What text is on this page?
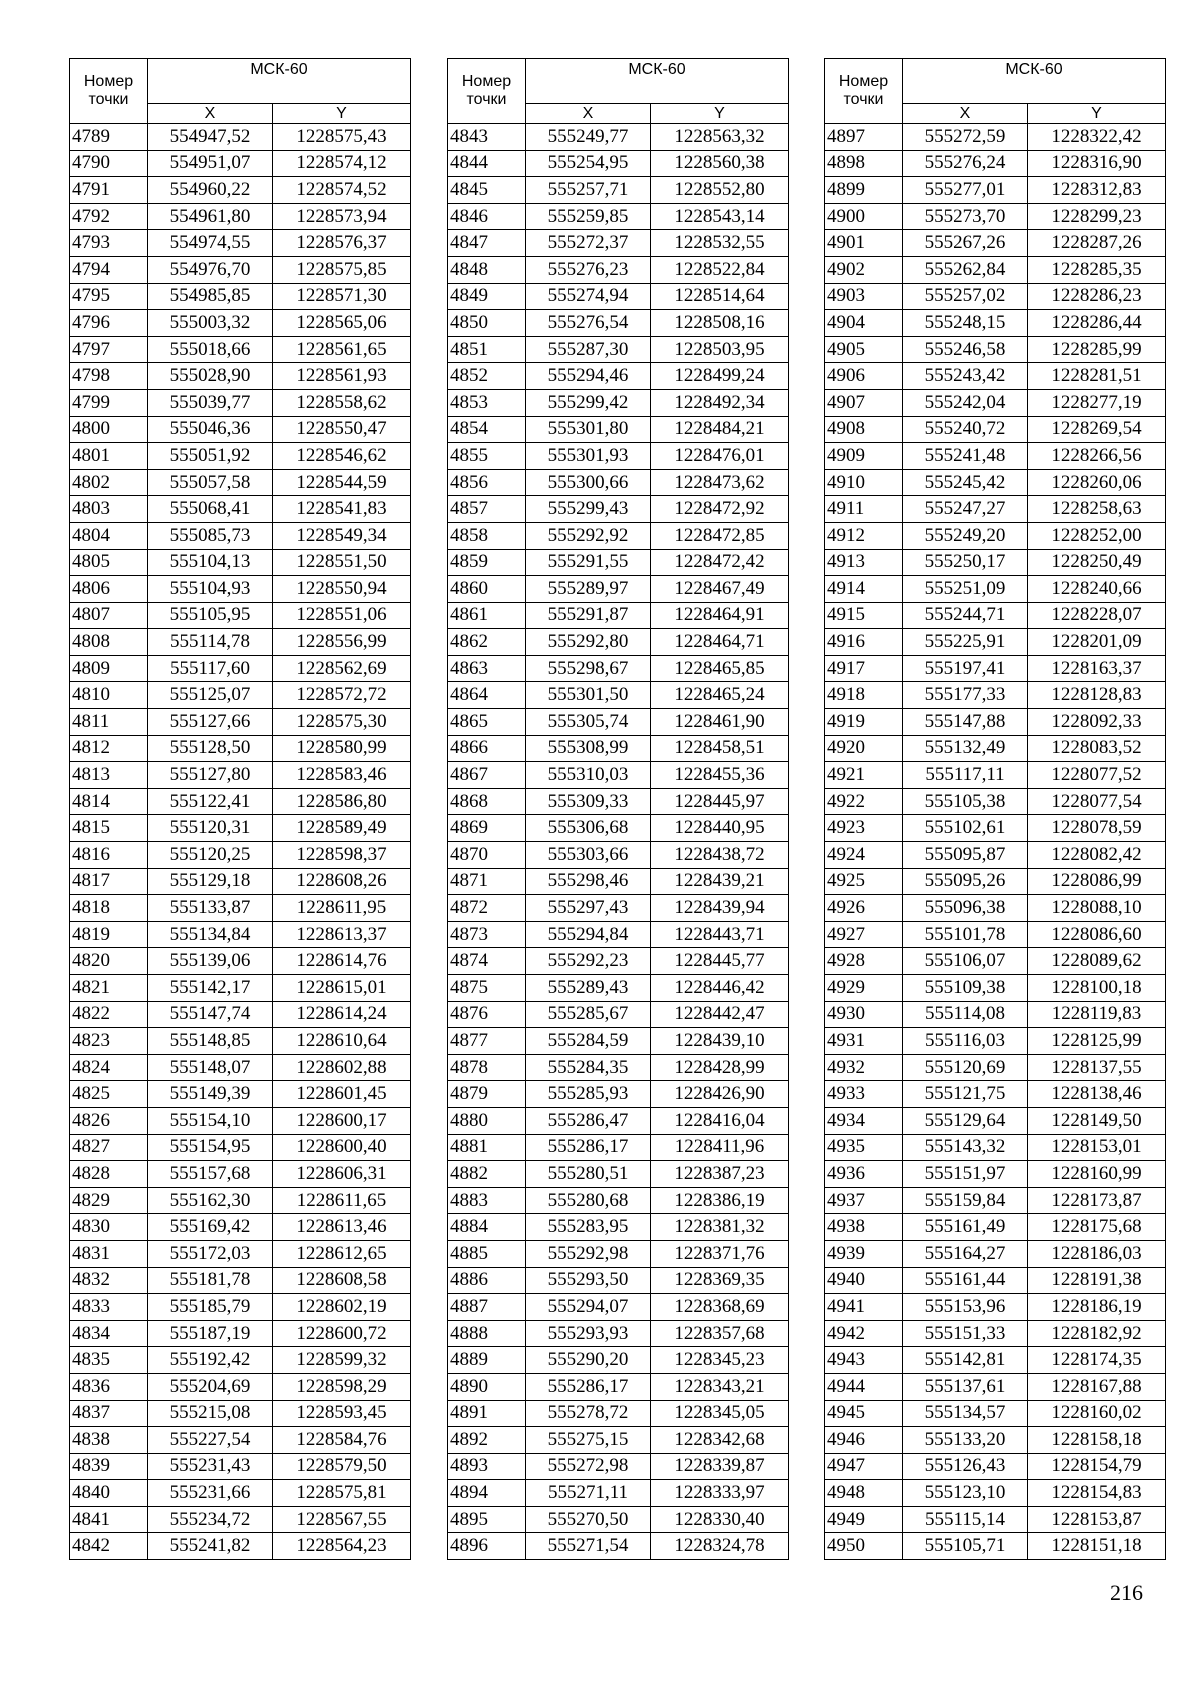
Номер точки	МСК-60	
	X	Y
4789	554947,52	1228575,43
4790	554951,07	1228574,12
4791	554960,22	1228574,52
4792	554961,80	1228573,94
4793	554974,55	1228576,37
4794	554976,70	1228575,85
4795	554985,85	1228571,30
4796	555003,32	1228565,06
4797	555018,66	1228561,65
4798	555028,90	1228561,93
4799	555039,77	1228558,62
4800	555046,36	1228550,47
4801	555051,92	1228546,62
4802	555057,58	1228544,59
4803	555068,41	1228541,83
4804	555085,73	1228549,34
4805	555104,13	1228551,50
4806	555104,93	1228550,94
4807	555105,95	1228551,06
4808	555114,78	1228556,99
4809	555117,60	1228562,69
4810	555125,07	1228572,72
4811	555127,66	1228575,30
4812	555128,50	1228580,99
4813	555127,80	1228583,46
4814	555122,41	1228586,80
4815	555120,31	1228589,49
4816	555120,25	1228598,37
4817	555129,18	1228608,26
4818	555133,87	1228611,95
4819	555134,84	1228613,37
4820	555139,06	1228614,76
4821	555142,17	1228615,01
4822	555147,74	1228614,24
4823	555148,85	1228610,64
4824	555148,07	1228602,88
4825	555149,39	1228601,45
4826	555154,10	1228600,17
4827	555154,95	1228600,40
4828	555157,68	1228606,31
4829	555162,30	1228611,65
4830	555169,42	1228613,46
4831	555172,03	1228612,65
4832	555181,78	1228608,58
4833	555185,79	1228602,19
4834	555187,19	1228600,72
4835	555192,42	1228599,32
4836	555204,69	1228598,29
4837	555215,08	1228593,45
4838	555227,54	1228584,76
4839	555231,43	1228579,50
4840	555231,66	1228575,81
4841	555234,72	1228567,55
4842	555241,82	1228564,23
Номер точки	МСК-60	
	X	Y
4843	555249,77	1228563,32
4844	555254,95	1228560,38
4845	555257,71	1228552,80
4846	555259,85	1228543,14
4847	555272,37	1228532,55
4848	555276,23	1228522,84
4849	555274,94	1228514,64
4850	555276,54	1228508,16
4851	555287,30	1228503,95
4852	555294,46	1228499,24
4853	555299,42	1228492,34
4854	555301,80	1228484,21
4855	555301,93	1228476,01
4856	555300,66	1228473,62
4857	555299,43	1228472,92
4858	555292,92	1228472,85
4859	555291,55	1228472,42
4860	555289,97	1228467,49
4861	555291,87	1228464,91
4862	555292,80	1228464,71
4863	555298,67	1228465,85
4864	555301,50	1228465,24
4865	555305,74	1228461,90
4866	555308,99	1228458,51
4867	555310,03	1228455,36
4868	555309,33	1228445,97
4869	555306,68	1228440,95
4870	555303,66	1228438,72
4871	555298,46	1228439,21
4872	555297,43	1228439,94
4873	555294,84	1228443,71
4874	555292,23	1228445,77
4875	555289,43	1228446,42
4876	555285,67	1228442,47
4877	555284,59	1228439,10
4878	555284,35	1228428,99
4879	555285,93	1228426,90
4880	555286,47	1228416,04
4881	555286,17	1228411,96
4882	555280,51	1228387,23
4883	555280,68	1228386,19
4884	555283,95	1228381,32
4885	555292,98	1228371,76
4886	555293,50	1228369,35
4887	555294,07	1228368,69
4888	555293,93	1228357,68
4889	555290,20	1228345,23
4890	555286,17	1228343,21
4891	555278,72	1228345,05
4892	555275,15	1228342,68
4893	555272,98	1228339,87
4894	555271,11	1228333,97
4895	555270,50	1228330,40
4896	555271,54	1228324,78
Номер точки	МСК-60	
	X	Y
4897	555272,59	1228322,42
4898	555276,24	1228316,90
4899	555277,01	1228312,83
4900	555273,70	1228299,23
4901	555267,26	1228287,26
4902	555262,84	1228285,35
4903	555257,02	1228286,23
4904	555248,15	1228286,44
4905	555246,58	1228285,99
4906	555243,42	1228281,51
4907	555242,04	1228277,19
4908	555240,72	1228269,54
4909	555241,48	1228266,56
4910	555245,42	1228260,06
4911	555247,27	1228258,63
4912	555249,20	1228252,00
4913	555250,17	1228250,49
4914	555251,09	1228240,66
4915	555244,71	1228228,07
4916	555225,91	1228201,09
4917	555197,41	1228163,37
4918	555177,33	1228128,83
4919	555147,88	1228092,33
4920	555132,49	1228083,52
4921	555117,11	1228077,52
4922	555105,38	1228077,54
4923	555102,61	1228078,59
4924	555095,87	1228082,42
4925	555095,26	1228086,99
4926	555096,38	1228088,10
4927	555101,78	1228086,60
4928	555106,07	1228089,62
4929	555109,38	1228100,18
4930	555114,08	1228119,83
4931	555116,03	1228125,99
4932	555120,69	1228137,55
4933	555121,75	1228138,46
4934	555129,64	1228149,50
4935	555143,32	1228153,01
4936	555151,97	1228160,99
4937	555159,84	1228173,87
4938	555161,49	1228175,68
4939	555164,27	1228186,03
4940	555161,44	1228191,38
4941	555153,96	1228186,19
4942	555151,33	1228182,92
4943	555142,81	1228174,35
4944	555137,61	1228167,88
4945	555134,57	1228160,02
4946	555133,20	1228158,18
4947	555126,43	1228154,79
4948	555123,10	1228154,83
4949	555115,14	1228153,87
4950	555105,71	1228151,18
216
